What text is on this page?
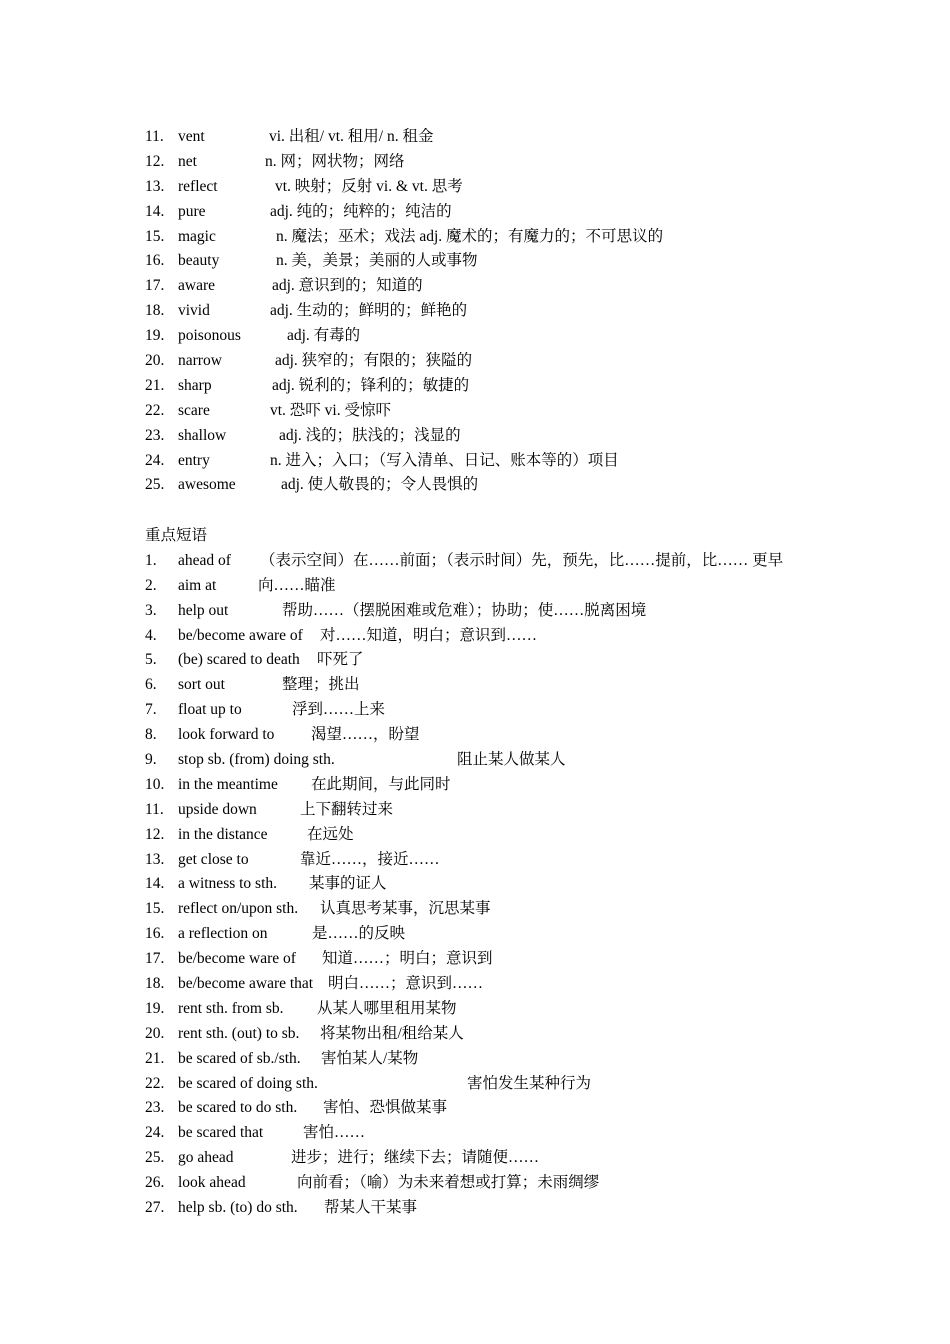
11. vent	vi. 出租/ vt. 租用/ n. 租金
12. net	n. 网；网状物；网络
13. reflect	vt. 映射；反射 vi. & vt. 思考
14. pure	adj. 纯的；纯粹的；纯洁的
15. magic	n. 魔法；巫术；戏法 adj. 魔术的；有魔力的；不可思议的
16. beauty	n. 美，美景；美丽的人或事物
17. aware	adj. 意识到的；知道的
18. vivid	adj. 生动的；鲜明的；鲜艳的
19. poisonous	adj. 有毒的
20. narrow	adj. 狭窄的；有限的；狭隘的
21. sharp	adj. 锐利的；锋利的；敏捷的
22. scare	vt. 恐吓 vi. 受惊吓
23. shallow	adj. 浅的；肤浅的；浅显的
24. entry	n. 进入；入口；（写入清单、日记、账本等的）项目
25. awesome	adj. 使人敬畏的；令人畏惧的
重点短语
1. ahead of （表示空间）在……前面；（表示时间）先，预先，比……提前，比…… 更早
2. aim at	向……瞄准
3. help out	帮助……（摆脱困难或危难）；协助；使……脱离困境
4. be/become aware of 对……知道，明白；意识到……
5. (be) scared to death 吓死了
6. sort out	整理；挑出
7. float up to	浮到……上来
8. look forward to 渴望……，盼望
9. stop sb. (from) doing sth.	阻止某人做某人
10. in the meantime 在此期间，与此同时
11. upside down	上下翻转过来
12. in the distance	在远处
13. get close to	靠近……，接近……
14. a witness to sth. 某事的证人
15. reflect on/upon sth. 认真思考某事，沉思某事
16. a reflection on	是……的反映
17. be/become ware of 知道……；明白；意识到
18. be/become aware that 明白……；意识到……
19. rent sth. from sb. 从某人哪里租用某物
20. rent sth. (out) to sb. 将某物出租/租给某人
21. be scared of sb./sth. 害怕某人/某物
22. be scared of doing sth.	害怕发生某种行为
23. be scared to do sth. 害怕、恐惧做某事
24. be scared that	害怕……
25. go ahead	进步；进行；继续下去；请随便……
26. look ahead	向前看；（喻）为未来着想或打算；未雨绸缪
27. help sb. (to) do sth. 帮某人干某事
